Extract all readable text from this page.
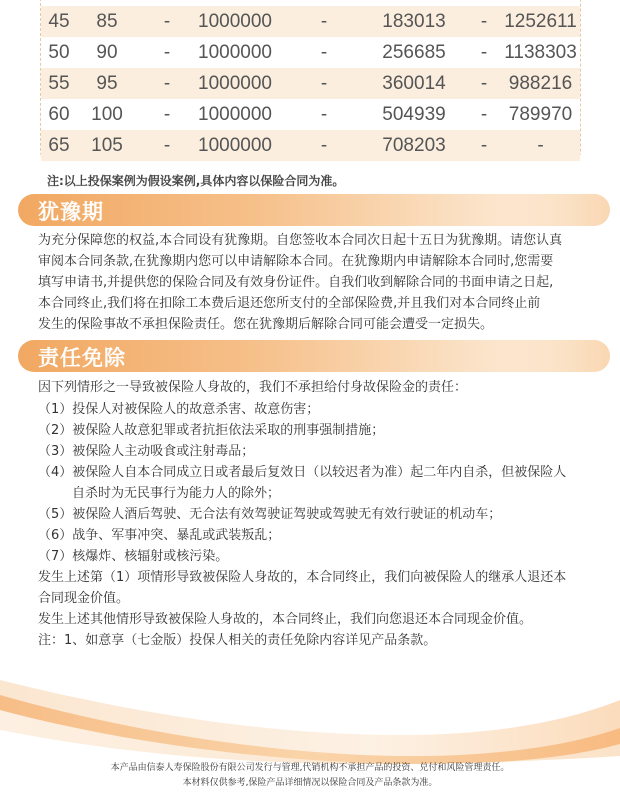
45	85	-	1000000	-	183013	- 1252611
50	90	-	1000000	-	256685	- 1138303
55	95	-	1000000	-	360014	-	988216
60	100	-	1000000	-	504939	-	789970
65	105	-	1000000	-	708203	-	-
注:以上投保案例为假设案例,具体内容以保险合同为准。
犹豫期
为充分保障您的权益,本合同设有犹豫期。自您签收本合同次日起十五日为犹豫期。请您认真
审阅本合同条款,在犹豫期内您可以申请解除本合同。在犹豫期内申请解除本合同时,您需要
填写申请书,并提供您的保险合同及有效身份证件。自我们收到解除合同的书面申请之日起,
本合同终止,我们将在扣除工本费后退还您所支付的全部保险费,并且我们对本合同终止前
发生的保险事故不承担保险责任。您在犹豫期后解除合同可能会遭受一定损失。
责任免除
因下列情形之一导致被保险人身故的，我们不承担给付身故保险金的责任：
（1）投保人对被保险人的故意杀害、故意伤害；
（2）被保险人故意犯罪或者抗拒依法采取的刑事强制措施；
（3）被保险人主动吸食或注射毒品；
（4）被保险人自本合同成立日或者最后复效日（以较迟者为准）起二年内自杀，但被保险人
自杀时为无民事行为能力人的除外；
（5）被保险人酒后驾驶、无合法有效驾驶证驾驶或驾驶无有效行驶证的机动车；
（6）战争、军事冲突、暴乱或武装叛乱；
（7）核爆炸、核辐射或核污染。
发生上述第（1）项情形导致被保险人身故的，本合同终止，我们向被保险人的继承人退还本
合同现金价值。
发生上述其他情形导致被保险人身故的，本合同终止，我们向您退还本合同现金价值。
注：1、如意享（七金版）投保人相关的责任免除内容详见产品条款。
本产品由信泰人寿保险股份有限公司发行与管理,代销机构不承担产品的投资、兑付和风险管理责任。
本材料仅供参考,保险产品详细情况以保险合同及产品条款为准。
